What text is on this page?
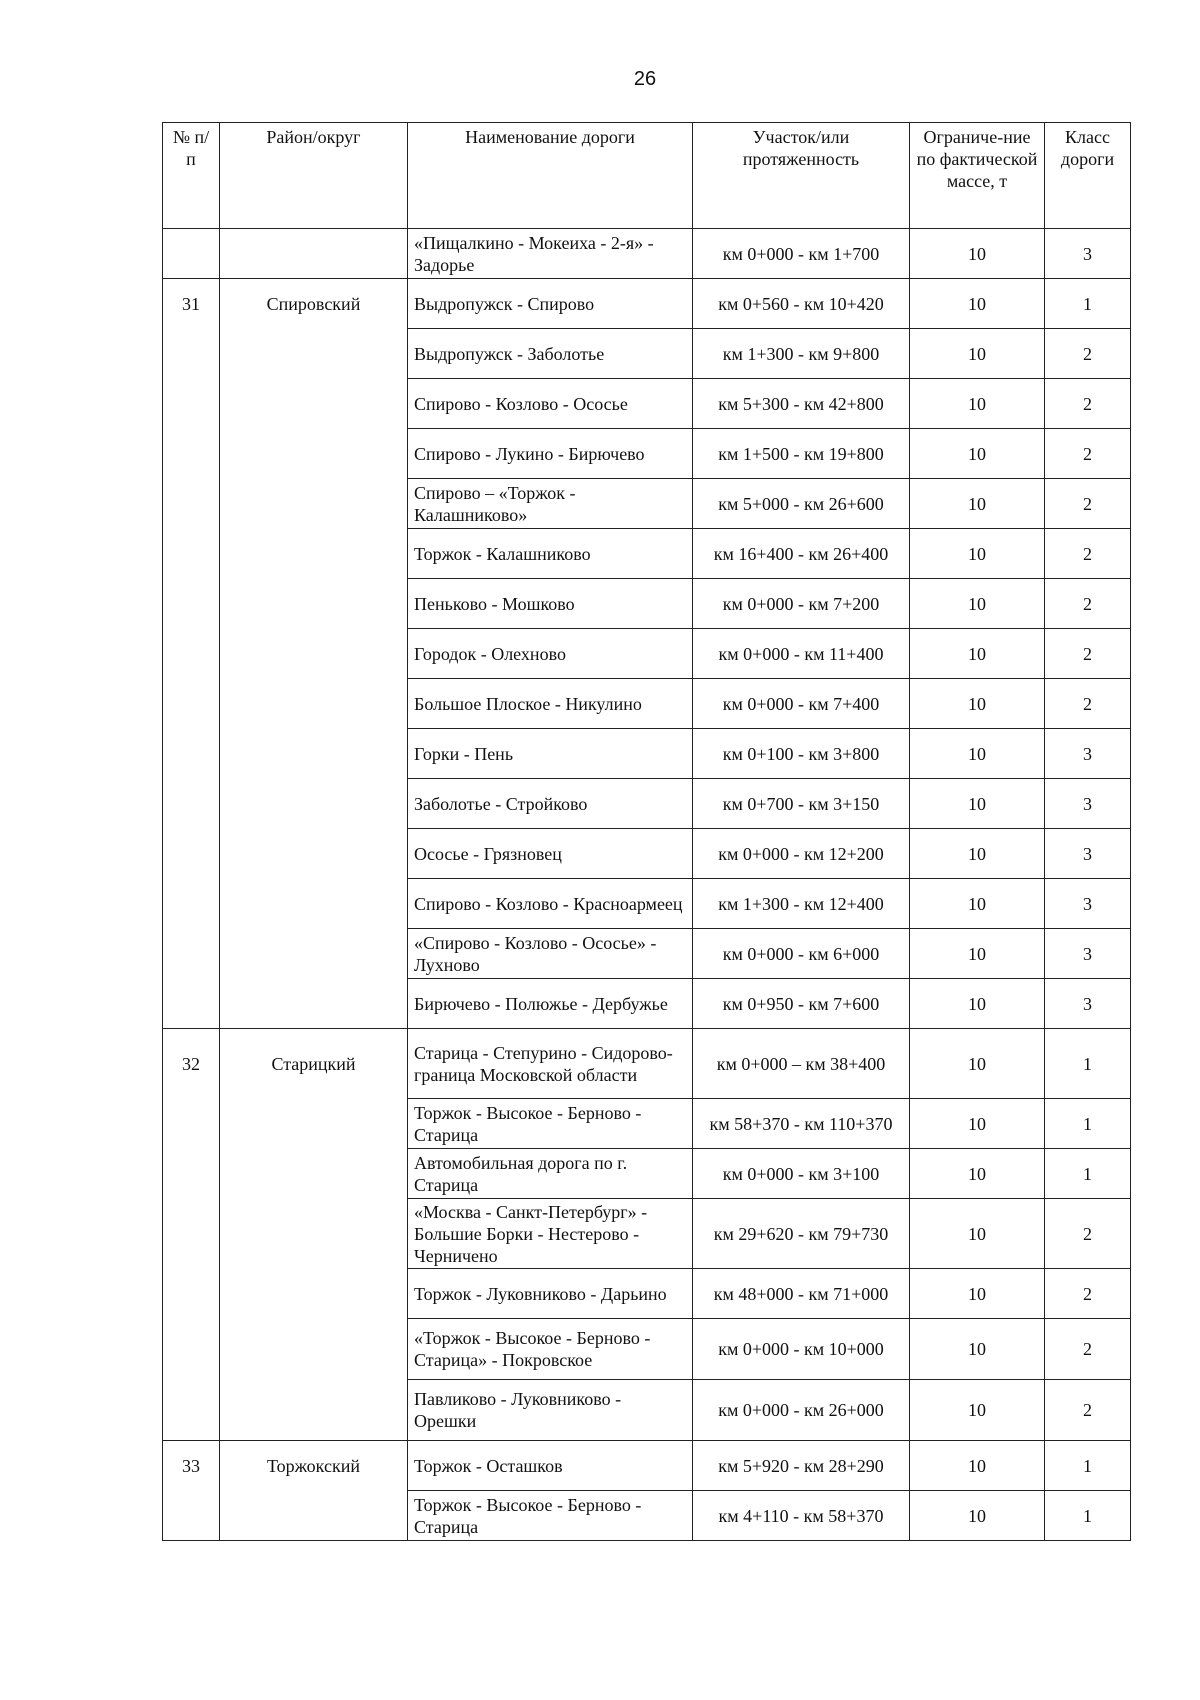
26
№ п/п	Район/округ	Наименование дороги	Участок/или протяженность	Ограниче-ние по фактической массе, т	Класс дороги
		«Пищалкино - Мокеиха - 2-я» - Задорье	км 0+000 - км 1+700	10	3
31	Спировский	Выдропужск - Спирово	км 0+560 - км 10+420	10	1
		Выдропужск - Заболотье	км 1+300 - км 9+800	10	2
		Спирово - Козлово - Ососье	км 5+300 - км 42+800	10	2
		Спирово - Лукино - Бирючево	км 1+500 - км 19+800	10	2
		Спирово – «Торжок - Калашниково»	км 5+000 - км 26+600	10	2
		Торжок - Калашниково	км 16+400 - км 26+400	10	2
		Пеньково - Мошково	км 0+000 - км 7+200	10	2
		Городок - Олехново	км 0+000 - км 11+400	10	2
		Большое Плоское - Никулино	км 0+000 - км 7+400	10	2
		Горки - Пень	км 0+100 - км 3+800	10	3
		Заболотье - Стройково	км 0+700 - км 3+150	10	3
		Ососье - Грязновец	км 0+000 - км 12+200	10	3
		Спирово - Козлово - Красноармеец	км 1+300 - км 12+400	10	3
		«Спирово - Козлово - Ососье» - Лухново	км 0+000 - км 6+000	10	3
		Бирючево - Полюжье - Дербужье	км 0+950 - км 7+600	10	3
32	Старицкий	Старица - Степурино - Сидорово-граница Московской области	км 0+000 – км 38+400	10	1
		Торжок - Высокое - Берново - Старица	км 58+370 - км 110+370	10	1
		Автомобильная дорога по г. Старица	км 0+000 - км 3+100	10	1
		«Москва - Санкт-Петербург» - Большие Борки - Нестерово - Черничено	км 29+620 - км 79+730	10	2
		Торжок - Луковниково - Дарьино	км 48+000 - км 71+000	10	2
		«Торжок - Высокое - Берново - Старица» - Покровское	км 0+000 - км 10+000	10	2
		Павликово - Луковниково - Орешки	км 0+000 - км 26+000	10	2
33	Торжокский	Торжок - Осташков	км 5+920 - км 28+290	10	1
		Торжок - Высокое - Берново - Старица	км 4+110 - км 58+370	10	1
